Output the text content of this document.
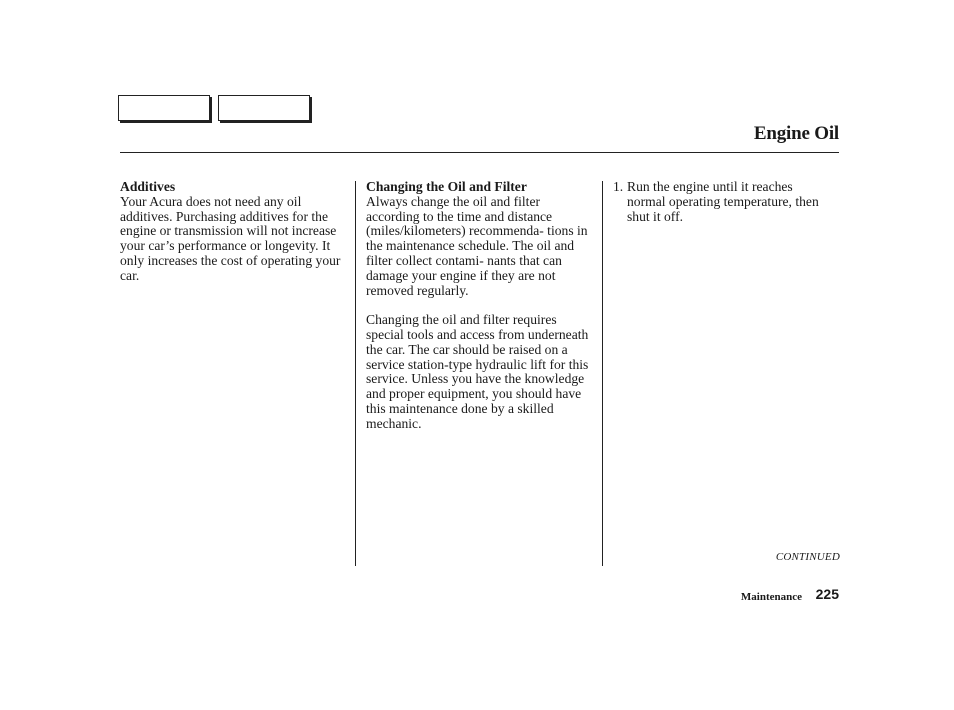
Engine Oil
Additives

Your Acura does not need any oil additives. Purchasing additives for the engine or transmission will not increase your car’s performance or longevity. It only increases the cost of operating your car.

Changing the Oil and Filter

Always change the oil and filter according to the time and distance (miles/kilometers) recommenda- tions in the maintenance schedule. The oil and filter collect contami- nants that can damage your engine if they are not removed regularly.

Changing the oil and filter requires special tools and access from underneath the car. The car should be raised on a service station-type hydraulic lift for this service. Unless you have the knowledge and proper equipment, you should have this maintenance done by a skilled mechanic.

1. Run the engine until it reaches normal operating temperature, then shut it off.
CONTINUED
Maintenance 225
